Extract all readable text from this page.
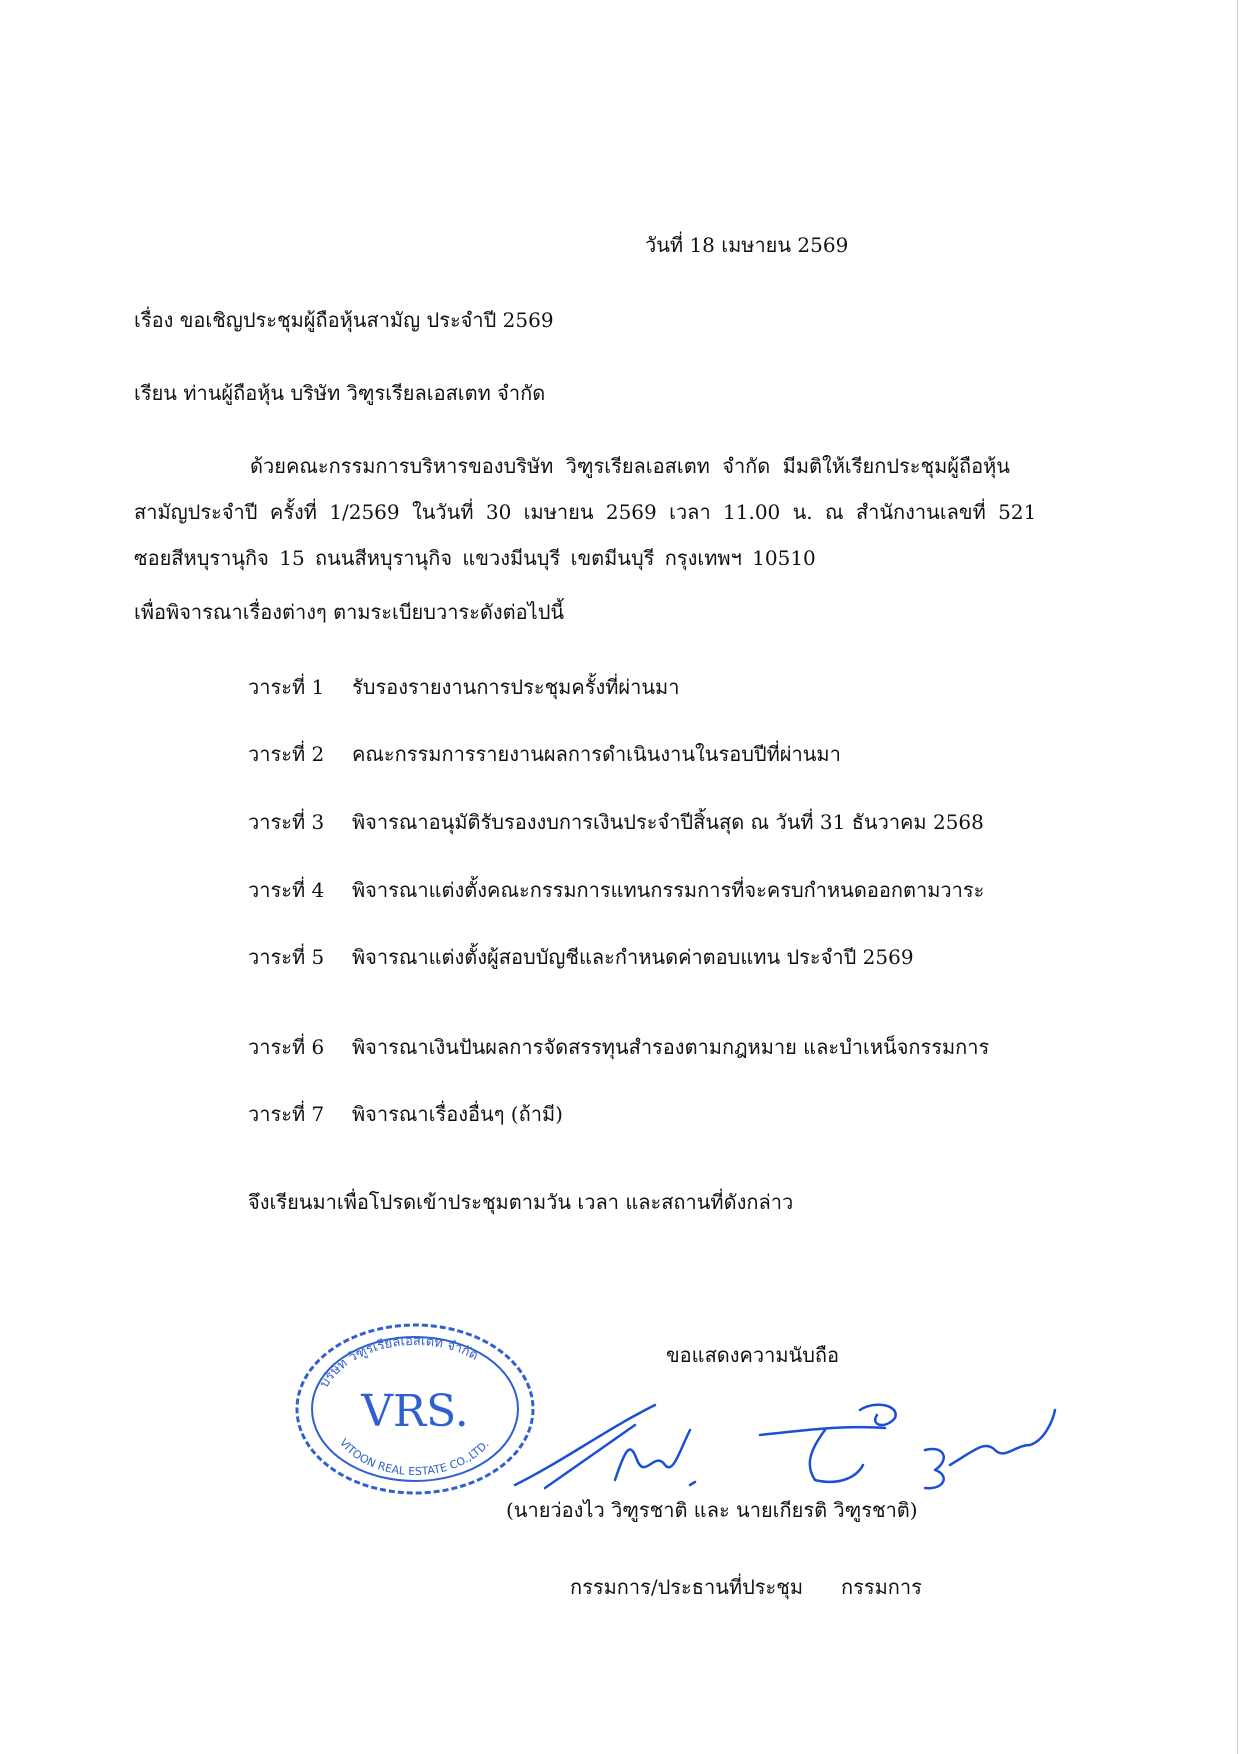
วันที่ 18 เมษายน 2569
เรื่อง ขอเชิญประชุมผู้ถือหุ้นสามัญ ประจำปี 2569
เรียน ท่านผู้ถือหุ้น บริษัท วิฑูรเรียลเอสเตท จำกัด
ด้วยคณะกรรมการบริหารของบริษัท วิฑูรเรียลเอสเตท จำกัด มีมติให้เรียกประชุมผู้ถือหุ้น
สามัญประจำปี ครั้งที่ 1/2569 ในวันที่ 30 เมษายน 2569 เวลา 11.00 น. ณ สำนักงานเลขที่ 521
ซอยสีหบุรานุกิจ 15 ถนนสีหบุรานุกิจ แขวงมีนบุรี เขตมีนบุรี กรุงเทพฯ 10510
เพื่อพิจารณาเรื่องต่างๆ ตามระเบียบวาระดังต่อไปนี้
วาระที่ 1 รับรองรายงานการประชุมครั้งที่ผ่านมา
วาระที่ 2 คณะกรรมการรายงานผลการดำเนินงานในรอบปีที่ผ่านมา
วาระที่ 3 พิจารณาอนุมัติรับรองงบการเงินประจำปีสิ้นสุด ณ วันที่ 31 ธันวาคม 2568
วาระที่ 4 พิจารณาแต่งตั้งคณะกรรมการแทนกรรมการที่จะครบกำหนดออกตามวาระ
วาระที่ 5 พิจารณาแต่งตั้งผู้สอบบัญชีและกำหนดค่าตอบแทน ประจำปี 2569
วาระที่ 6 พิจารณาเงินปันผลการจัดสรรทุนสำรองตามกฎหมาย และบำเหน็จกรรมการ
วาระที่ 7 พิจารณาเรื่องอื่นๆ (ถ้ามี)
จึงเรียนมาเพื่อโปรดเข้าประชุมตามวัน เวลา และสถานที่ดังกล่าว
ขอแสดงความนับถือ
บริษัท วิฑูรเรียลเอสเตท จำกัด
VITOON REAL ESTATE CO.,LTD.
VRS.
(นายว่องไว วิฑูรชาติ และ นายเกียรติ วิฑูรชาติ)
กรรมการ/ประธานที่ประชุม กรรมการ
